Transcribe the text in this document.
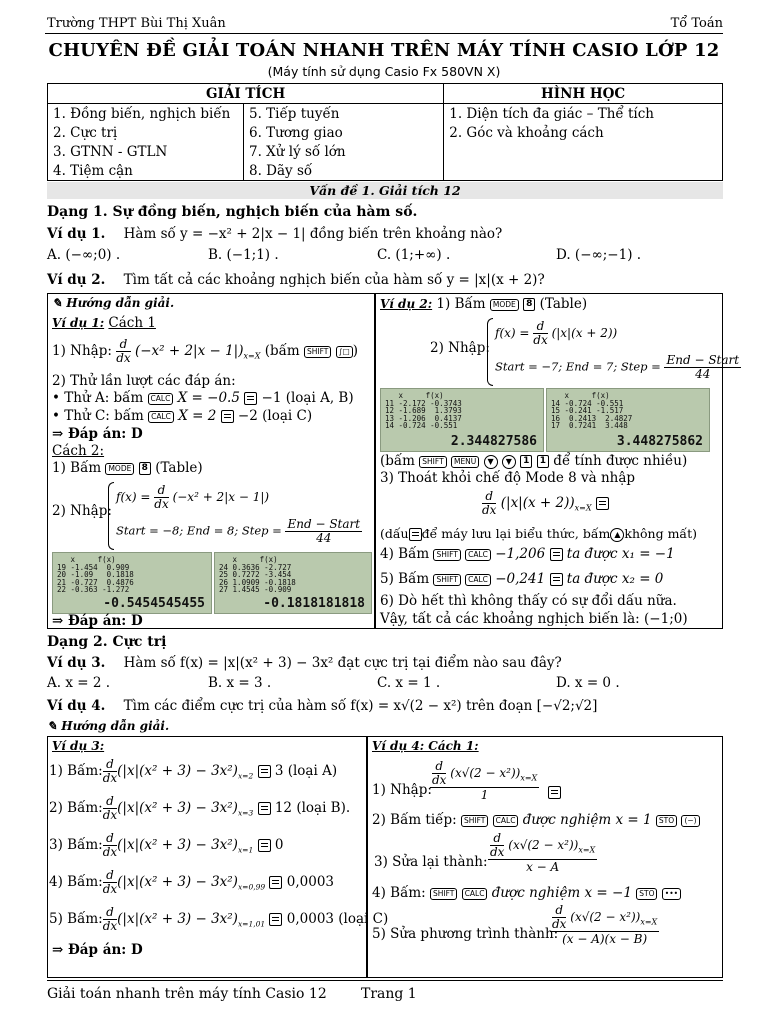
Trường THPT Bùi Thị Xuân	Tổ Toán
CHUYÊN ĐỀ GIẢI TOÁN NHANH TRÊN MÁY TÍNH CASIO LỚP 12
(Máy tính sử dụng Casio Fx 580VN X)
GIẢI TÍCH		HÌNH HỌC
1. Đồng biến, nghịch biến	5. Tiếp tuyến	1. Diện tích đa giác – Thể tích
2. Cực trị	6. Tương giao	2. Góc và khoảng cách
3. GTNN - GTLN	7. Xử lý số lớn	
4. Tiệm cận	8. Dãy số	
Vấn đề 1. Giải tích 12
Dạng 1. Sự đồng biến, nghịch biến của hàm số.
Ví dụ 1. Hàm số y = −x² + 2|x − 1| đồng biến trên khoảng nào?
A. (−∞;0) .	B. (−1;1) .	C. (1;+∞) .	D. (−∞;−1) .
Ví dụ 2. Tìm tất cả các khoảng nghịch biến của hàm số y = |x|(x + 2)?
✎ Hướng dẫn giải.
Ví dụ 1: Cách 1
1) Nhập: $\frac{d}{dx} (-x^2 + 2|x - 1|)_{x=X}$ (bấm SHIFT ∫□ )
2) Thử lần lượt các đáp án:
• Thử A: bấm CALC X = −0.5 −1 (loại A, B)
• Thử C: bấm CALC X = 2 −2 (loại C)
⇒ Đáp án: D
Cách 2:
1) Bấm MODE 8 (Table)
2) Nhập:
$f(x) = \frac{d}{dx} (-x^2 + 2|x - 1|)$
Start = −8; End = 8; Step = $\frac{\text{End − Start}}{44}$
x     f(x)
19 -1.454  0.909
20 -1.09   0.1818
21 -0.727  0.4876
22 -0.363 -1.272
-0.5454545455
x     f(x)
24 0.3636 -2.727
25 0.7272 -3.454
26 1.0909 -0.1818
27 1.4545 -0.909
-0.1818181818
⇒ Đáp án: D
Ví dụ 2: 1) Bấm MODE 8 (Table)
2) Nhập:
$f(x) = \frac{d}{dx} (|x|(x + 2))$
Start = −7; End = 7; Step = $\frac{\text{End − Start}}{44}$
x     f(x)
11 -2.172 -0.3743
12 -1.689  1.3793
13 -1.206  0.4137
14 -0.724 -0.551
2.344827586
x     f(x)
14 -0.724 -0.551
15 -0.241 -1.517
16  0.2413  2.4827
17  0.7241  3.448
3.448275862
(bấm SHIFT MENU ▼ ▼ 1 1 để tính được nhiều)
3) Thoát khỏi chế độ Mode 8 và nhập
$\frac{d}{dx} (|x|(x + 2))_{x=X}$
(dấu để máy lưu lại biểu thức, bấm ▲ không mất)
4) Bấm SHIFT CALC −1,206 ta được x₁ = −1
5) Bấm SHIFT CALC −0,241 ta được x₂ = 0
6) Dò hết thì không thấy có sự đổi dấu nữa.
Vậy, tất cả các khoảng nghịch biến là: (−1;0)
Dạng 2. Cực trị
Ví dụ 3. Hàm số f(x) = |x|(x² + 3) − 3x² đạt cực trị tại điểm nào sau đây?
A. x = 2 .	B. x = 3 .	C. x = 1 .	D. x = 0 .
Ví dụ 4. Tìm các điểm cực trị của hàm số f(x) = x√(2 − x²) trên đoạn [−√2;√2]
✎ Hướng dẫn giải.
Ví dụ 3:
1) Bấm: $\frac{d}{dx} (|x|(x^2 + 3) - 3x^2)_{x=2}$ 3 (loại A)
2) Bấm: $\frac{d}{dx} (|x|(x^2 + 3) - 3x^2)_{x=3}$ 12 (loại B).
3) Bấm: $\frac{d}{dx} (|x|(x^2 + 3) - 3x^2)_{x=1}$ 0
4) Bấm: $\frac{d}{dx} (|x|(x^2 + 3) - 3x^2)_{x=0,99}$ 0,0003
5) Bấm: $\frac{d}{dx} (|x|(x^2 + 3) - 3x^2)_{x=1,01}$ 0,0003 (loại C)
⇒ Đáp án: D
Ví dụ 4: Cách 1:
1) Nhập:
$\frac{d}{dx} (x√(2 - x^2))_{x=X}$
1
2) Bấm tiếp: SHIFT CALC được nghiệm x = 1 STO (−)
3) Sửa lại thành:
$\frac{d}{dx} (x√(2 - x^2))_{x=X}$
x − A
4) Bấm: SHIFT CALC được nghiệm x = −1 STO •••
5) Sửa phương trình thành:
$\frac{d}{dx} (x√(2 - x^2))_{x=X}$
(x − A)(x − B)
Giải toán nhanh trên máy tính Casio 12 Trang 1
